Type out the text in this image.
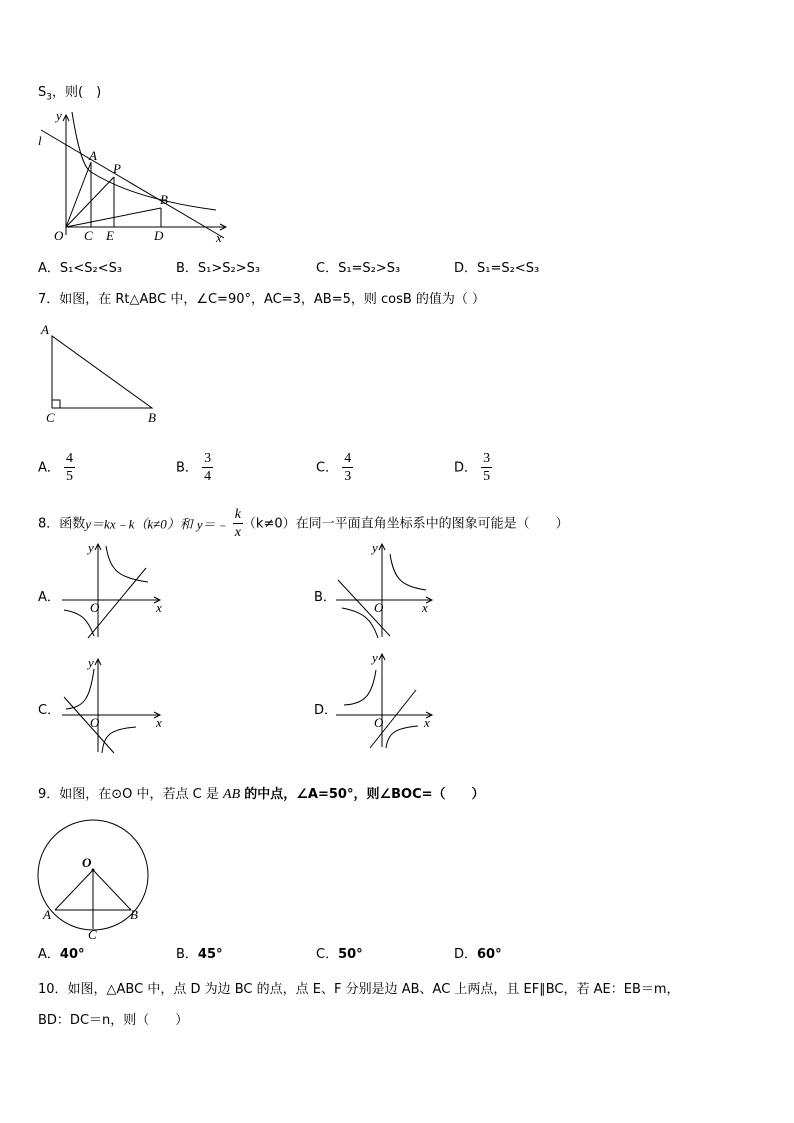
$S_3$，则(　)
y
l
A
P
B
O C E	D	x
A．S₁<S₂<S₃	B．S₁>S₂>S₃	C．S₁=S₂>S₃	D．S₁=S₂<S₃
7．如图，在 Rt△ABC 中，∠C=90°，AC=3，AB=5，则 cosB 的值为（ ）
A
C	B
A． $\frac{4}{5}$	B． $\frac{3}{4}$	C． $\frac{4}{3}$	D． $\frac{3}{5}$
8．函数y＝kx﹣k（k≠0）和 y＝﹣ $\frac{k}{x} (k\ne 0)$在同一平面直角坐标系中的图象可能是（　　）
A．
y
O	x
B．
y
O	x
C．
y
O	x
D．
y
O	x
9．如图，在⊙O 中，若点 C 是 AB 的中点，∠A=50°，则∠BOC=（　　）
O
A	B
C
A．40°	B．45°	C．50°	D．60°
10．如图，△ABC 中，点 D 为边 BC 的点，点 E、F 分别是边 AB、AC 上两点，且 EF∥BC，若 AE：EB＝m，
BD：DC＝n，则（　　）
